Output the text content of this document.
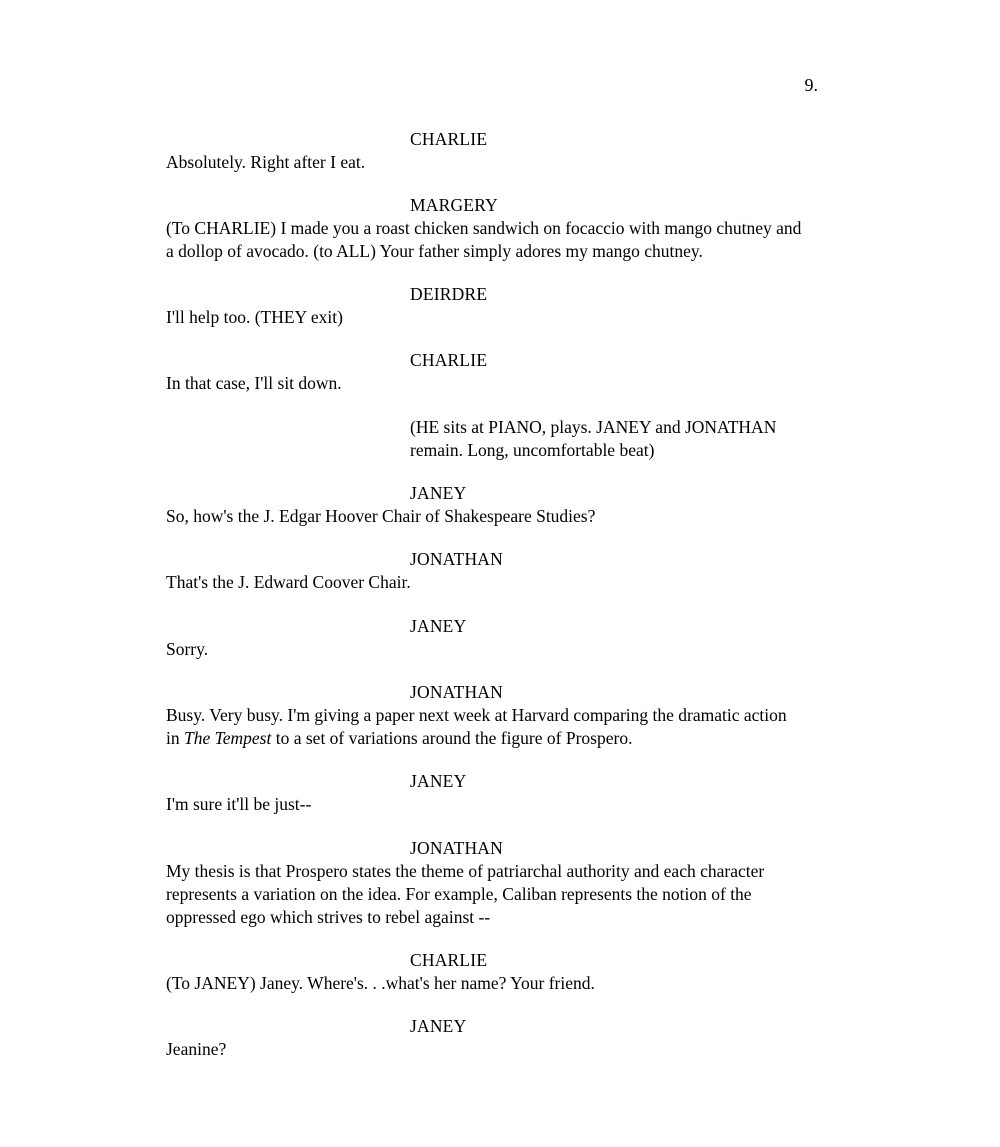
9.
CHARLIE
Absolutely. Right after I eat.
MARGERY
(To CHARLIE) I made you a roast chicken sandwich on focaccio with mango chutney and
a dollop of avocado. (to ALL) Your father simply adores my mango chutney.
DEIRDRE
I'll help too. (THEY exit)
CHARLIE
In that case, I'll sit down.
(HE sits at PIANO, plays. JANEY and JONATHAN
remain. Long, uncomfortable beat)
JANEY
So, how's the J. Edgar Hoover Chair of Shakespeare Studies?
JONATHAN
That's the J. Edward Coover Chair.
JANEY
Sorry.
JONATHAN
Busy. Very busy. I'm giving a paper next week at Harvard comparing the dramatic action
in The Tempest to a set of variations around the figure of Prospero.
JANEY
I'm sure it'll be just--
JONATHAN
My thesis is that Prospero states the theme of patriarchal authority and each character
represents a variation on the idea. For example, Caliban represents the notion of the
oppressed ego which strives to rebel against --
CHARLIE
(To JANEY) Janey. Where's. . .what's her name? Your friend.
JANEY
Jeanine?
